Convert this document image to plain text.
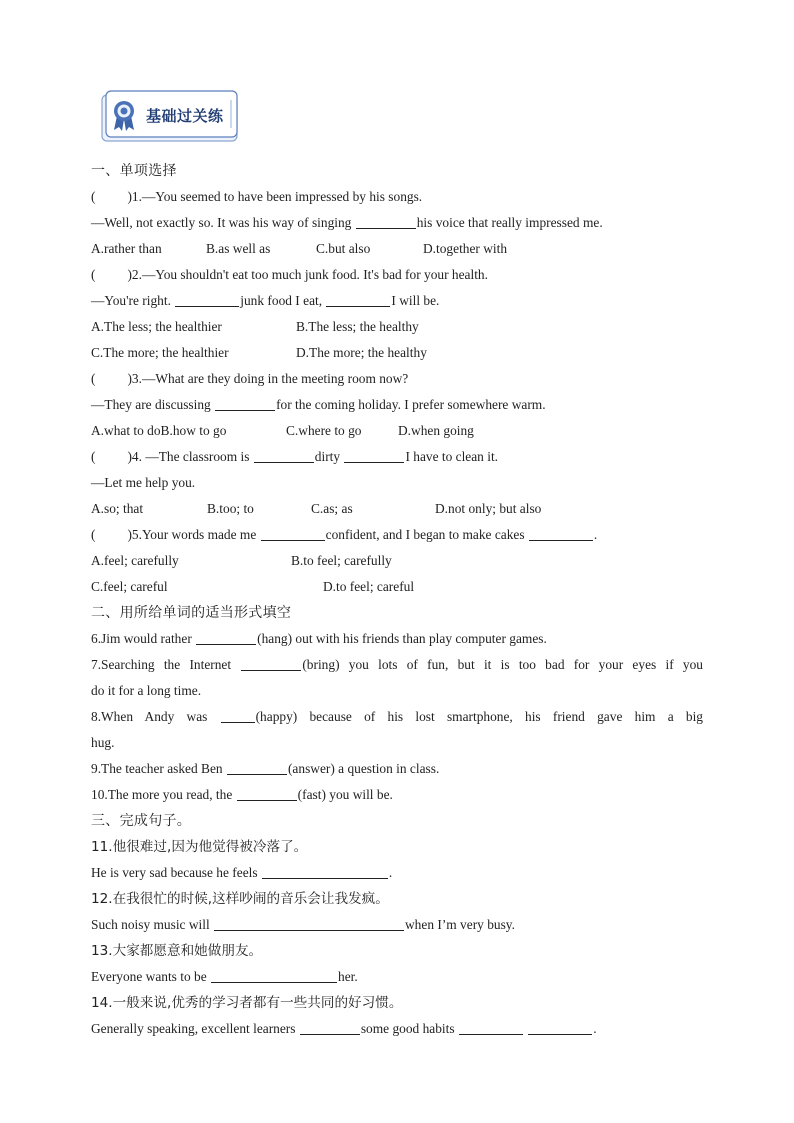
基础过关练
一、单项选择
( )1.—You seemed to have been impressed by his songs.
—Well, not exactly so. It was his way of singing	his voice that really impressed me.
A.rather than	B.as well as	C.but also	D.together with
( )2.—You shouldn't eat too much junk food. It's bad for your health.
—You're right.	junk food I eat,	I will be.
A.The less; the healthier	B.The less; the healthy
C.The more; the healthier	D.The more; the healthy
( )3.—What are they doing in the meeting room now?
—They are discussing	for the coming holiday. I prefer somewhere warm.
A.what to doB.how to go	C.where to go	D.when going
( )4. —The classroom is	dirty	I have to clean it.
—Let me help you.
A.so; that	B.too; to	C.as; as	D.not only; but also
( )5.Your words made me	confident, and I began to make cakes	.
A.feel; carefully	B.to feel; carefully
C.feel; careful	D.to feel; careful
二、用所给单词的适当形式填空
6.Jim would rather	(hang) out with his friends than play computer games.
7.Searching the Internet	(bring) you lots of fun, but it is too bad for your eyes if you
do it for a long time.
8.When Andy was	(happy) because of his lost smartphone, his friend gave him a big
hug.
9.The teacher asked Ben	(answer) a question in class.
10.The more you read, the	(fast) you will be.
三、完成句子。
11.他很难过,因为他觉得被冷落了。
He is very sad because he feels	.
12.在我很忙的时候,这样吵闹的音乐会让我发疯。
Such noisy music will	when I’m very busy.
13.大家都愿意和她做朋友。
Everyone wants to be	her.
14.一般来说,优秀的学习者都有一些共同的好习惯。
Generally speaking, excellent learners	some good habits	.
